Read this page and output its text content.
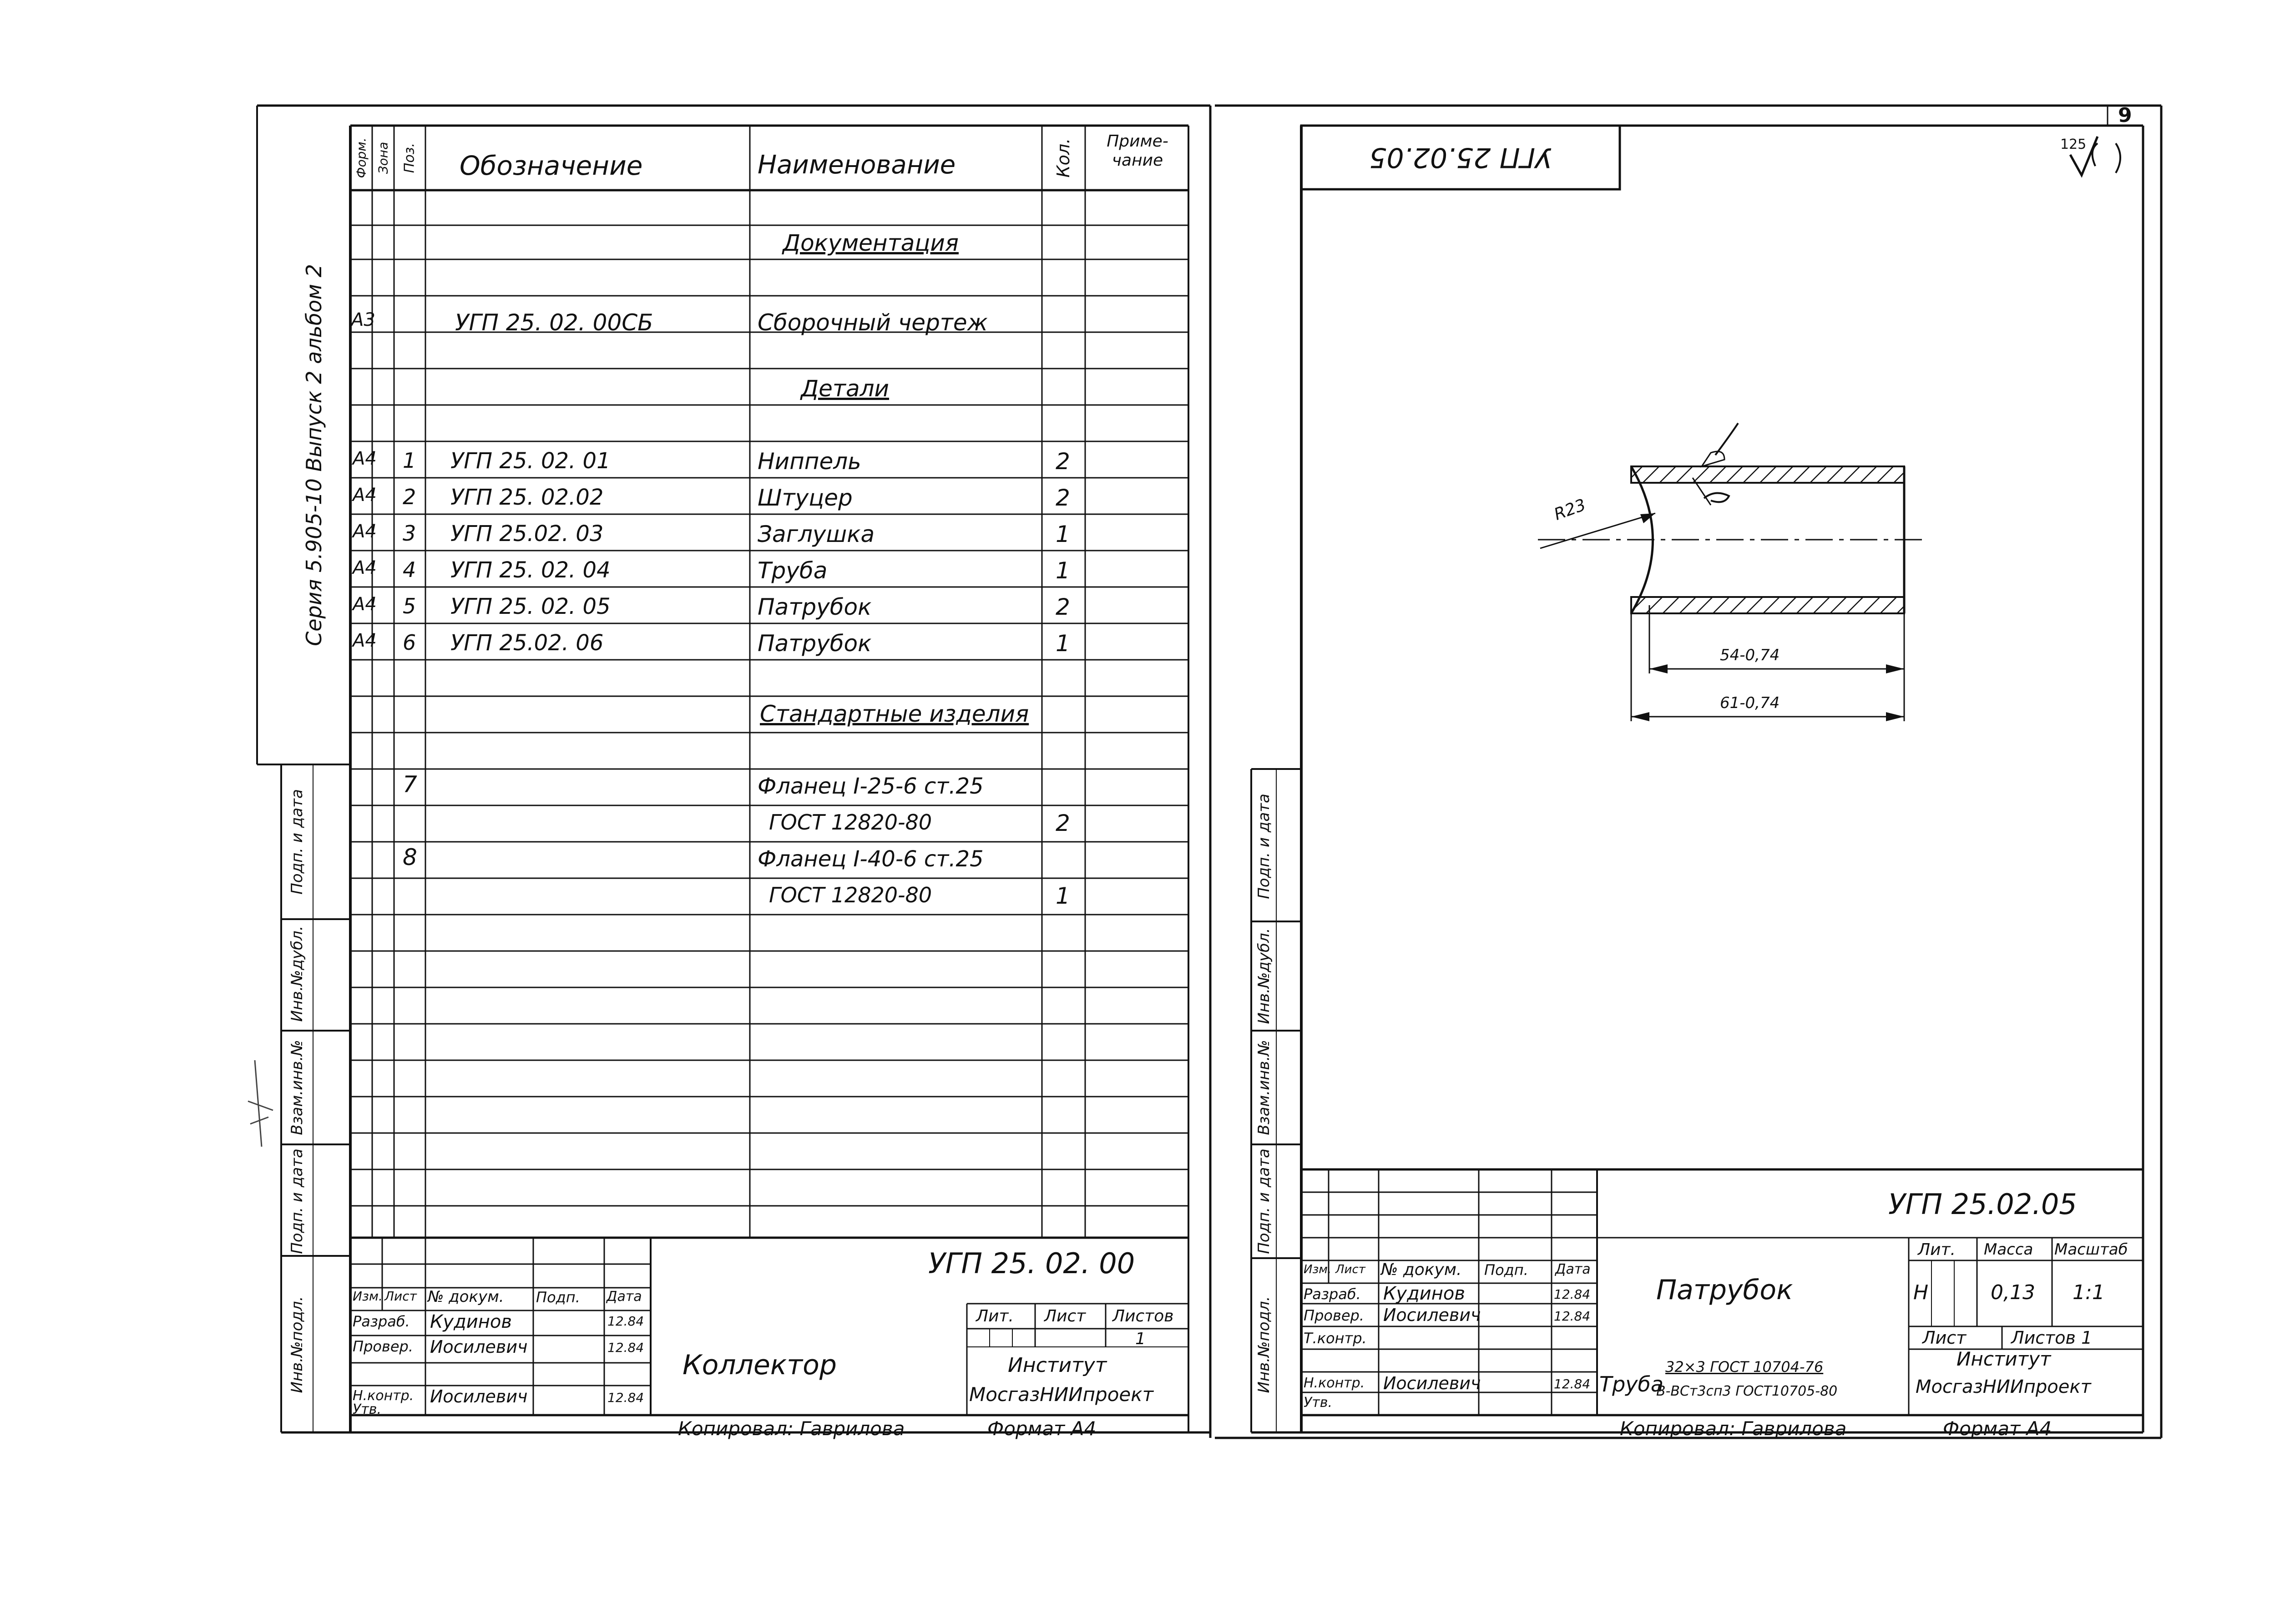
9
Серия 5.905-10 Выпуск 2 альбом 2
Инв.№подл.
Подп. и дата
Взам.инв.№
Инв.№дубл.
Подп. и дата
Инв.№подл.
Подп. и дата
Взам.инв.№
Инв.№дубл.
Подп. и дата
Форм. Зона Поз. Обозначение	Наименование	Кол.	Приме-чание
Документация
Детали
Стандартные изделия
А3	УГП 25. 02. 00СБ	Сборочный чертеж
А4 1 УГП 25. 02. 01	Ниппель	2
А4 2 УГП 25. 02.02	Штуцер	2
А4 3 УГП 25.02. 03	Заглушка	1
А4 4 УГП 25. 02. 04	Труба	1
А4 5 УГП 25. 02. 05	Патрубок	2
А4 6 УГП 25.02. 06	Патрубок	1
7	Фланец I-25-6 ст.25
ГОСТ 12820-80	2
8	Фланец I-40-6 ст.25
ГОСТ 12820-80	1
УГП 25. 02. 00
Коллектор
Изм. Лист № докум. Подп. Дата
Разраб. Кудинов	12.84
Провер. Иосилевич	12.84
Н.контр. Иосилевич	12.84
Утв.
Лит. Лист Листов
1
Институт
МосгазНИИпроект
Копировал: Гаврилова	Формат А4
УГП 25.02.05	125
R23
54-0,74
61-0,74
УГП 25.02.05
Патрубок
Изм. Лист № докум. Подп. Дата
Разраб. Кудинов	12.84
Провер. Иосилевич	12.84
Т.контр.
Н.контр. Иосилевич	12.84
Утв.
Лит. Масса Масштаб
Н	0,13 1:1
Лист	Листов 1
Труба
32×3 ГОСТ 10704-76
В-ВСт3сп3 ГОСТ10705-80
Институт
МосгазНИИпроект
Копировал: Гаврилова	Формат А4
